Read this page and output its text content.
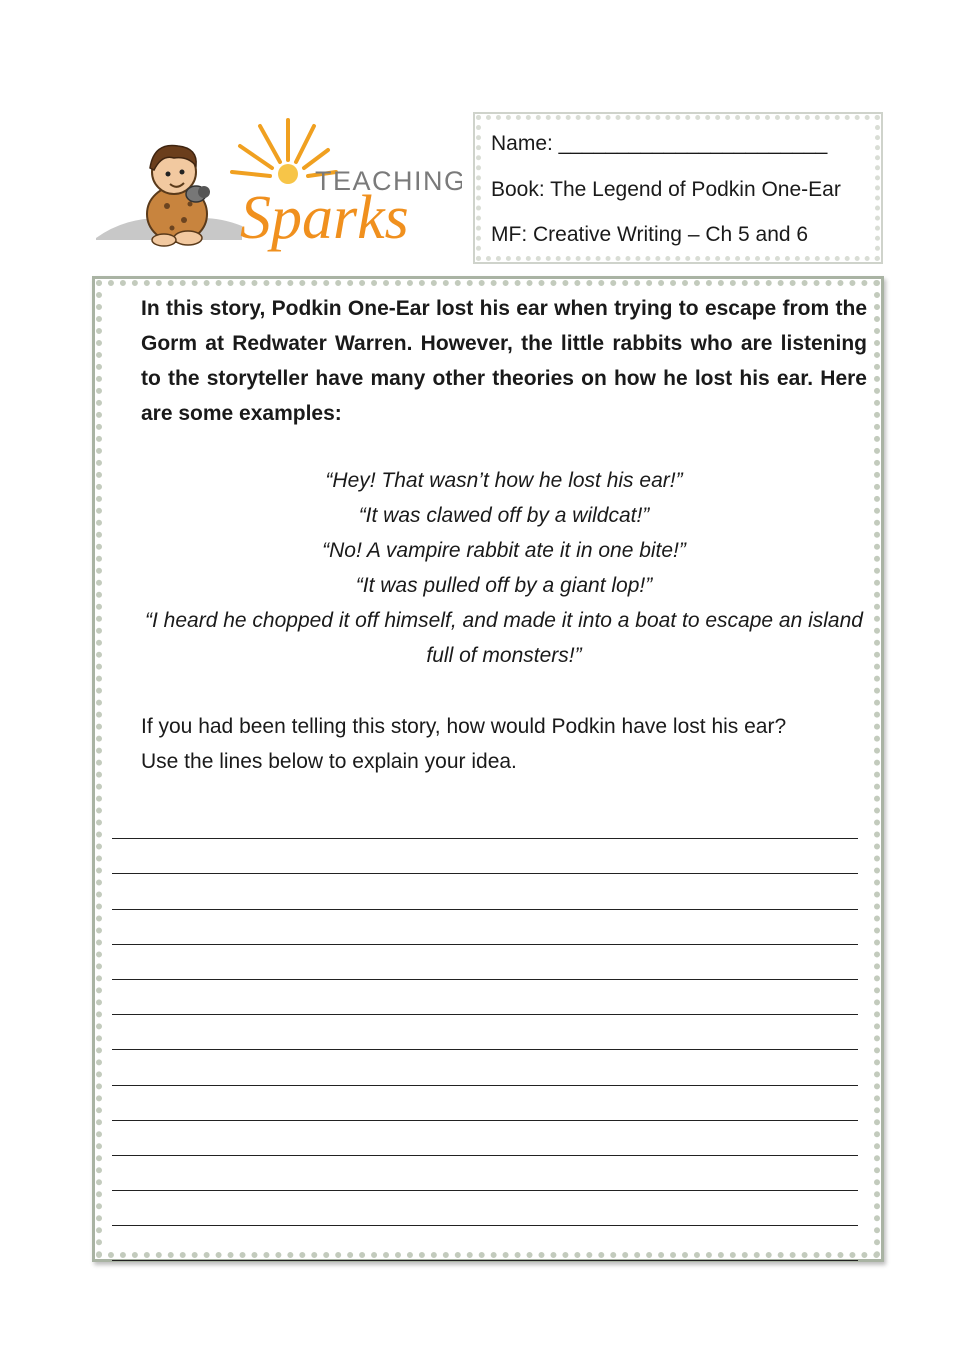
TEACHING
Sparks
Name: _______________________
Book: The Legend of Podkin One-Ear
MF: Creative Writing – Ch 5 and 6
In this story, Podkin One-Ear lost his ear when trying to escape from the Gorm at Redwater Warren. However, the little rabbits who are listening to the storyteller have many other theories on how he lost his ear. Here are some examples:
“Hey! That wasn’t how he lost his ear!”
“It was clawed off by a wildcat!”
“No! A vampire rabbit ate it in one bite!”
“It was pulled off by a giant lop!”
“I heard he chopped it off himself, and made it into a boat to escape an island full of monsters!”
If you had been telling this story, how would Podkin have lost his ear?
Use the lines below to explain your idea.
